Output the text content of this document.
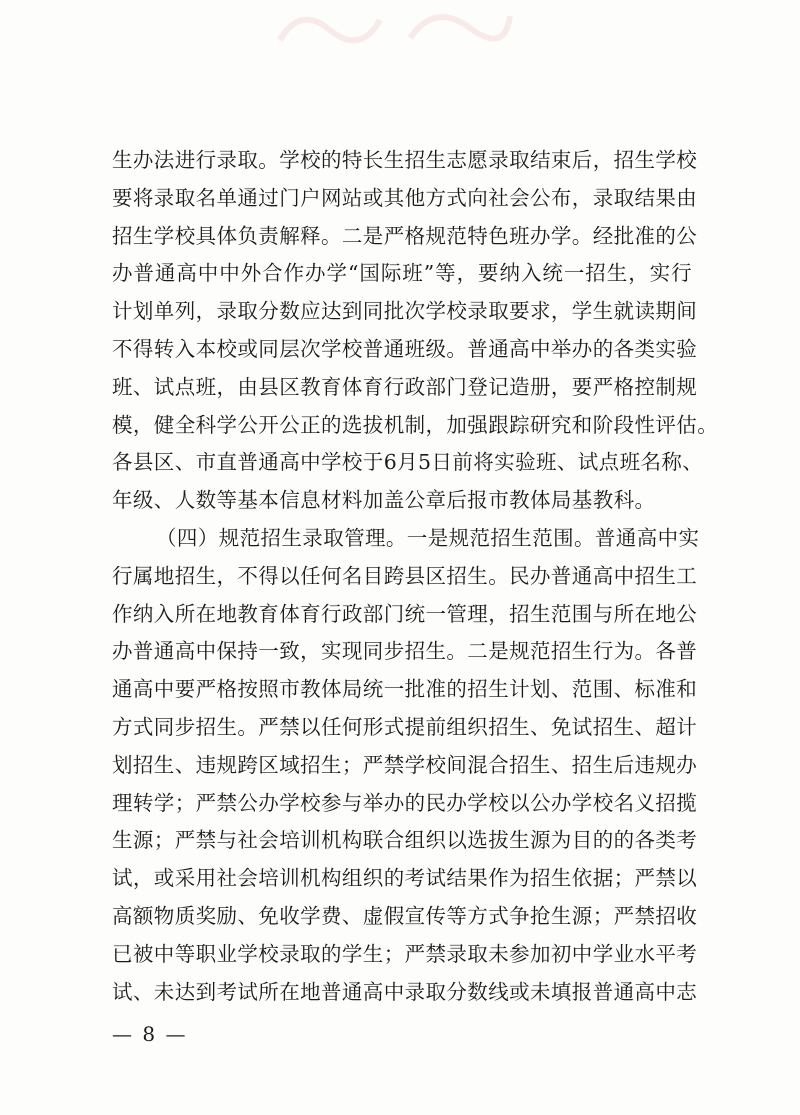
生办法进行录取。学校的特长生招生志愿录取结束后，招生学校
要将录取名单通过门户网站或其他方式向社会公布，录取结果由
招生学校具体负责解释。二是严格规范特色班办学。经批准的公
办普通高中中外合作办学“国际班”等，要纳入统一招生，实行
计划单列，录取分数应达到同批次学校录取要求，学生就读期间
不得转入本校或同层次学校普通班级。普通高中举办的各类实验
班、试点班，由县区教育体育行政部门登记造册，要严格控制规
模，健全科学公开公正的选拔机制，加强跟踪研究和阶段性评估。
各县区、市直普通高中学校于6月5日前将实验班、试点班名称、
年级、人数等基本信息材料加盖公章后报市教体局基教科。
（四）规范招生录取管理。一是规范招生范围。普通高中实
行属地招生，不得以任何名目跨县区招生。民办普通高中招生工
作纳入所在地教育体育行政部门统一管理，招生范围与所在地公
办普通高中保持一致，实现同步招生。二是规范招生行为。各普
通高中要严格按照市教体局统一批准的招生计划、范围、标准和
方式同步招生。严禁以任何形式提前组织招生、免试招生、超计
划招生、违规跨区域招生；严禁学校间混合招生、招生后违规办
理转学；严禁公办学校参与举办的民办学校以公办学校名义招揽
生源；严禁与社会培训机构联合组织以选拔生源为目的的各类考
试，或采用社会培训机构组织的考试结果作为招生依据；严禁以
高额物质奖励、免收学费、虚假宣传等方式争抢生源；严禁招收
已被中等职业学校录取的学生；严禁录取未参加初中学业水平考
试、未达到考试所在地普通高中录取分数线或未填报普通高中志
— 8 —
